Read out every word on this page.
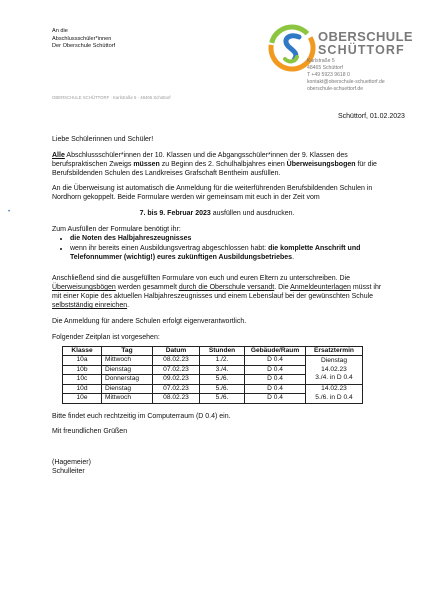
An die
Abschlussschüler*innen
Der Oberschule Schüttorf
OBERSCHULE
SCHÜTTORF
Karlstraße 5
48465 Schüttorf
T +49 5923 9618 0
kontakt@oberschule-schuettorf.de
oberschule-schuettorf.de
OBERSCHULE SCHÜTTORF · Karlstraße 5 · 48465 Schüttorf
Schüttorf, 01.02.2023
•

Liebe Schülerinnen und Schüler!

Alle Abschlussschüler*innen der 10. Klassen und die Abgangsschüler*innen der 9. Klassen des berufspraktischen Zweigs müssen zu Beginn des 2. Schulhalbjahres einen Überweisungsbogen für die Berufsbildenden Schulen des Landkreises Grafschaft Bentheim ausfüllen.

An die Überweisung ist automatisch die Anmeldung für die weiterführenden Berufsbildenden Schulen in Nordhorn gekoppelt. Beide Formulare werden wir gemeinsam mit euch in der Zeit vom

7. bis 9. Februar 2023 ausfüllen und ausdrucken.

Zum Ausfüllen der Formulare benötigt ihr:
• die Noten des Halbjahreszeugnisses
• wenn ihr bereits einen Ausbildungsvertrag abgeschlossen habt: die komplette Anschrift und Telefonnummer (wichtig!) eures zukünftigen Ausbildungsbetriebes.

Anschließend sind die ausgefüllten Formulare von euch und euren Eltern zu unterschreiben. Die Überweisungsbögen werden gesammelt durch die Oberschule versandt. Die Anmeldeunterlagen müsst ihr mit einer Kopie des aktuellen Halbjahreszeugnisses und einem Lebenslauf bei der gewünschten Schule selbstständig einreichen.

Die Anmeldung für andere Schulen erfolgt eigenverantwortlich.

Folgender Zeitplan ist vorgesehen:

Klasse	Tag	Datum	Stunden	Gebäude/Raum	Ersatztermin
10a	Mittwoch	08.02.23	1./2.	D 0.4	Dienstag
14.02.23
3./4. in D 0.4

10b	Dienstag	07.02.23	3./4.	D 0.4	
10c	Donnerstag	09.02.23	5./6.	D 0.4	
10d	Dienstag	07.02.23	5./6.	D 0.4	14.02.23
5./6. in D 0.4

10e	Mittwoch	08.02.23	5./6.	D 0.4	

Bitte findet euch rechtzeitig im Computerraum (D 0.4) ein.

Mit freundlichen Grüßen

(Hagemeier)
Schulleiter
